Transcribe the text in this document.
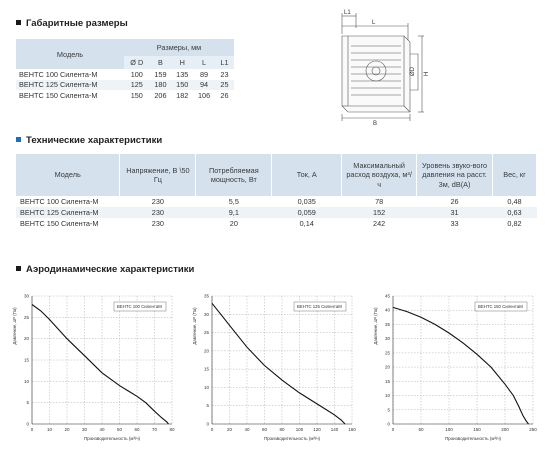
Габаритные размеры
Модель	Размеры, мм				
	Ø D	B	H	L	L1
ВЕНТС 100 Силента-М	100	159	135	89	23
ВЕНТС 125 Силента-М	125	180	150	94	25
ВЕНТС 150 Силента-М	150	206	182	106	26
L1
L
B
ØD H
Технические характеристики
Модель	Напряжение, В \50 Гц	Потребляемая мощность, Вт	Ток, А	Максимальный расход воздуха, м³/ч	Уровень звуко-вого давления на расст. 3м, dB(A)	Вес, кг
ВЕНТС 100 Силента-М	230	5,5	0,035	78	26	0,48
ВЕНТС 125 Силента-М	230	9,1	0,059	152	31	0,63
ВЕНТС 150 Силента-М	230	20	0,14	242	33	0,82
Аэродинамические характеристики
0	10	20	30	40	50	60	70	80
0
5
10
15
20
25
30
ВЕНТС 100 СилентаМ
Производительность (м³/ч)
Давление, ΔP (Па)
0	20	40	60	80 100 120 140 160
0
5
10
15
20
25
30
35
ВЕНТС 125 СилентаМ
Производительность (м³/ч)
Давление, ΔP (Па)
0	50	100	150	200	250
0
5
10
15
20
25
30
35
40
45
ВЕНТС 150 СилентаМ
Производительность (м³/ч)
Давление, ΔP (Па)
